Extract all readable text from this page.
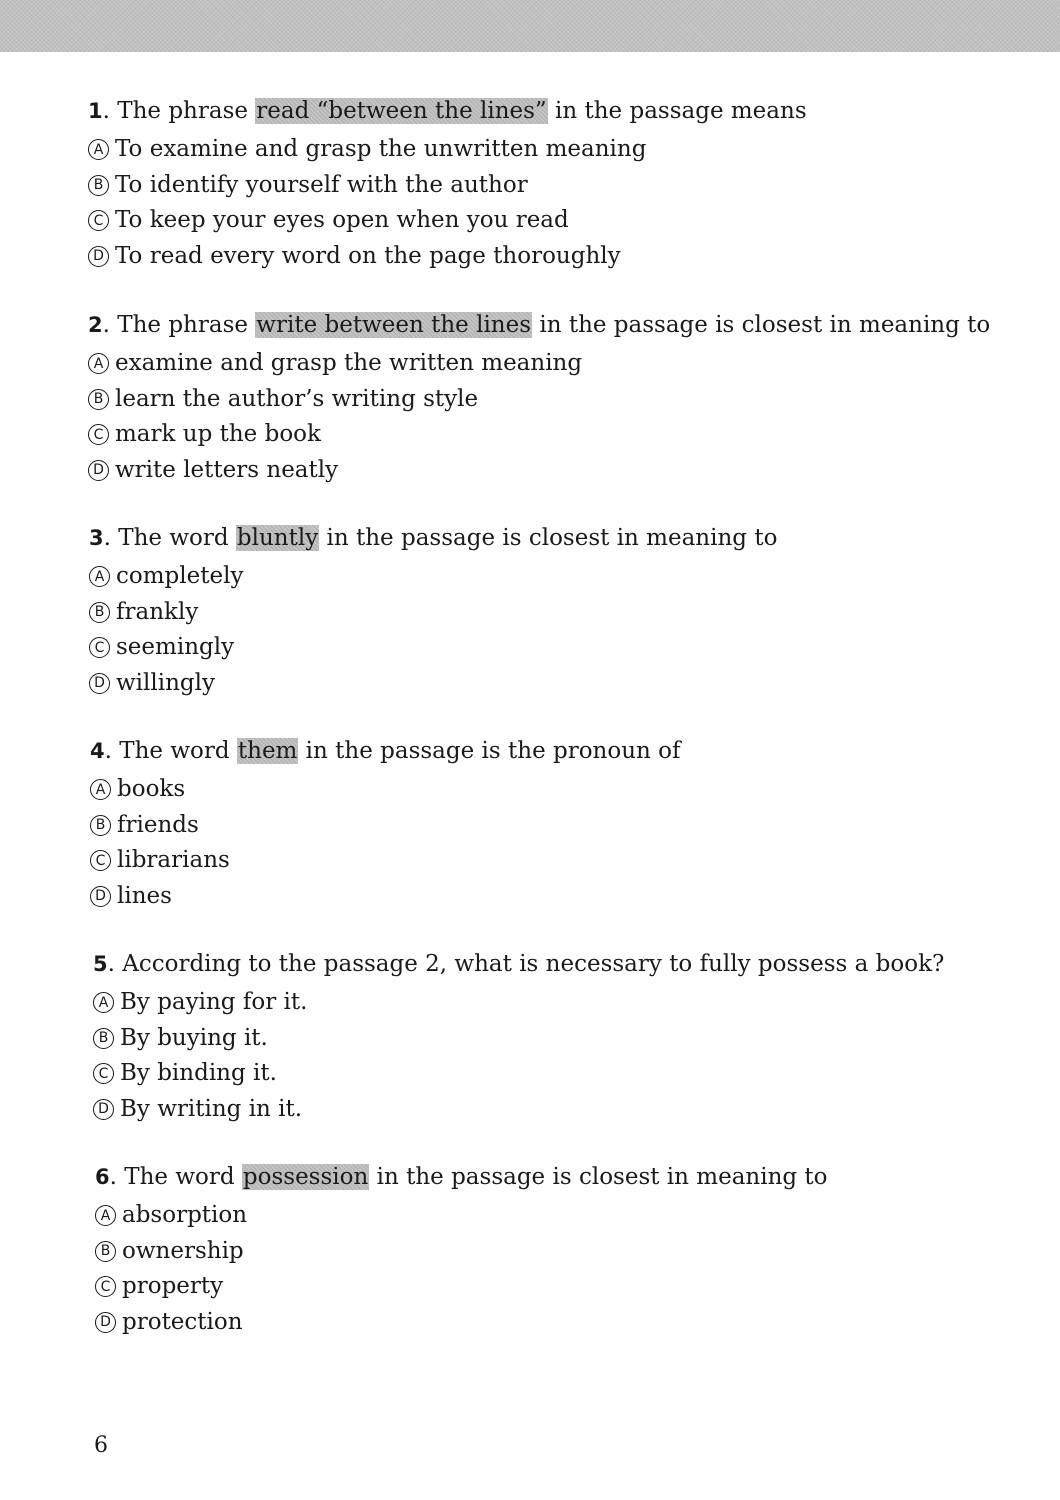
1. The phrase read “between the lines” in the passage means

A To examine and grasp the unwritten meaning
B To identify yourself with the author
C To keep your eyes open when you read
D To read every word on the page thoroughly

2. The phrase write between the lines in the passage is closest in meaning to

A examine and grasp the written meaning
B learn the author’s writing style
C mark up the book
D write letters neatly

3. The word bluntly in the passage is closest in meaning to

A completely
B frankly
C seemingly
D willingly

4. The word them in the passage is the pronoun of

A books
B friends
C librarians
D lines

5. According to the passage 2, what is necessary to fully possess a book?

A By paying for it.
B By buying it.
C By binding it.
D By writing in it.

6. The word possession in the passage is closest in meaning to

A absorption
B ownership
C property
D protection
6
